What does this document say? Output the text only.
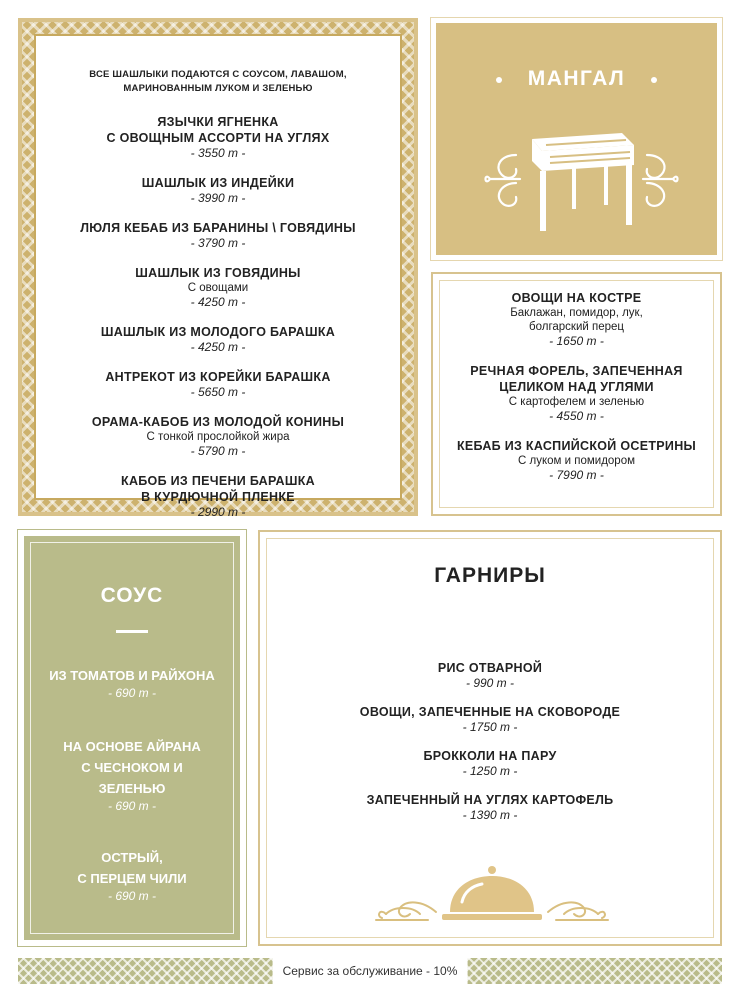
ВСЕ ШАШЛЫКИ ПОДАЮТСЯ С СОУСОМ, ЛАВАШОМ,
МАРИНОВАННЫМ ЛУКОМ И ЗЕЛЕНЬЮ
ЯЗЫЧКИ ЯГНЕНКА
С ОВОЩНЫМ АССОРТИ НА УГЛЯХ
- 3550 т -
ШАШЛЫК ИЗ ИНДЕЙКИ
- 3990 т -
ЛЮЛЯ КЕБАБ ИЗ БАРАНИНЫ \ ГОВЯДИНЫ
- 3790 т -
ШАШЛЫК ИЗ ГОВЯДИНЫ
С овощами
- 4250 т -
ШАШЛЫК ИЗ МОЛОДОГО БАРАШКА
- 4250 т -
АНТРЕКОТ ИЗ КОРЕЙКИ БАРАШКА
- 5650 т -
ОРАМА-КАБОБ ИЗ МОЛОДОЙ КОНИНЫ
С тонкой прослойкой жира
- 5790 т -
КАБОБ ИЗ ПЕЧЕНИ БАРАШКА
В КУРДЮЧНОЙ ПЛЕНКЕ
- 2990 т -
МАНГАЛ
ОВОЩИ НА КОСТРЕ
Баклажан, помидор, лук,
болгарский перец
- 1650 т -
РЕЧНАЯ ФОРЕЛЬ, ЗАПЕЧЕННАЯ
ЦЕЛИКОМ НАД УГЛЯМИ
С картофелем и зеленью
- 4550 т -
КЕБАБ ИЗ КАСПИЙСКОЙ ОСЕТРИНЫ
С луком и помидором
- 7990 т -
СОУС
ИЗ ТОМАТОВ И РАЙХОНА
- 690 т -
НА ОСНОВЕ АЙРАНА
С ЧЕСНОКОМ И
ЗЕЛЕНЬЮ
- 690 т -
ОСТРЫЙ,
С ПЕРЦЕМ ЧИЛИ
- 690 т -
ГАРНИРЫ
РИС ОТВАРНОЙ
- 990 т -
ОВОЩИ, ЗАПЕЧЕННЫЕ НА СКОВОРОДЕ
- 1750 т -
БРОККОЛИ НА ПАРУ
- 1250 т -
ЗАПЕЧЕННЫЙ НА УГЛЯХ КАРТОФЕЛЬ
- 1390 т -
Сервис за обслуживание - 10%
